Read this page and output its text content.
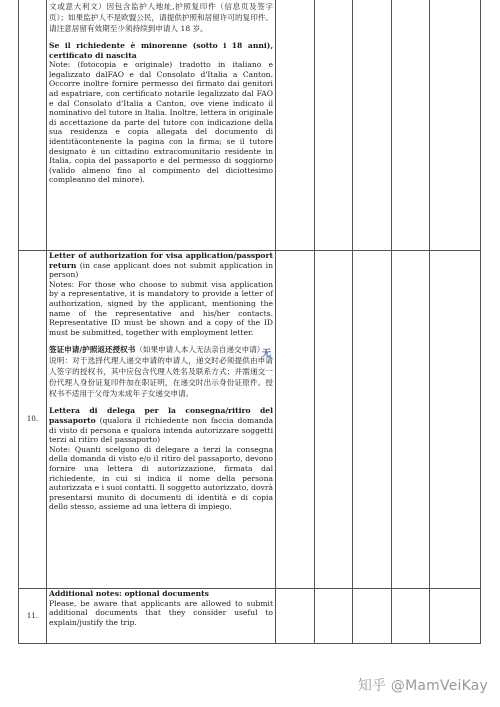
文或意大利文）因包含监护人地址,护照复印件（信息页及签字页）；如果监护人不是欧盟公民，请提供护照和居留许可的复印件。请注意居留有效期至少须持续到申请人 18 岁。

Se il richiedente è minorenne (sotto i 18 anni), certificato di nascita

Note: (fotocopia e originale) tradotto in italiano e legalizzato dalFAO e dal Consolato d'Italia a Canton. Occorre inoltre fornire permesso dei firmato dai genitori ad espatriare, con certificato notarile legalizzato dal FAO e dal Consolato d'Italia a Canton, ove viene indicato il nominativo del tutore in Italia. Inoltre, lettera in originale di accettazione da parte del tutore con indicazione della sua residenza e copia allegata del documento di identitàcontenente la pagina con la firma; se il tutore designato è un cittadino extracomunitario residente in Italia, copia del passaporto e del permesso di soggiorno (valido almeno fino al compimento del diciottesimo compleanno del minore).

10.

Letter of authorization for visa application/passport return (in case applicant does not submit application in person)

Notes: For those who choose to submit visa application by a representative, it is mandatory to provide a letter of authorization, signed by the applicant, mentioning the name of the representative and his/her contacts. Representative ID must be shown and a copy of the ID must be submitted, together with employment letter.

签证申请/护照返还授权书（如果申请人本人无法亲自递交申请）

说明：对于选择代理人递交申请的申请人，递交时必须提供由申请人签字的授权书，其中应包含代理人姓名及联系方式；并需递交一份代理人身份证复印件加在职证明，在递交时出示身份证原件。授权书不适用于父母为未成年子女递交申请。

Lettera di delega per la consegna/ritiro del passaporto (qualora il richiedente non faccia domanda di visto di persona e qualora intenda autorizzare soggetti terzi al ritiro del passaporto)

Note: Quanti scelgono di delegare a terzi la consegna della domanda di visto e/o il ritiro del passaporto, devono fornire una lettera di autorizzazione, firmata dal richiedente, in cui si indica il nome della persona autorizzata e i suoi contatti. Il soggetto autorizzato, dovrà presentarsi munito di documenti di identità e di copia dello stesso, assieme ad una lettera di impiego.

11.

Additional notes: optional documents

Please, be aware that applicants are allowed to submit additional documents that they consider useful to explain/justify the trip.

无
知乎 @MamVeiKay
